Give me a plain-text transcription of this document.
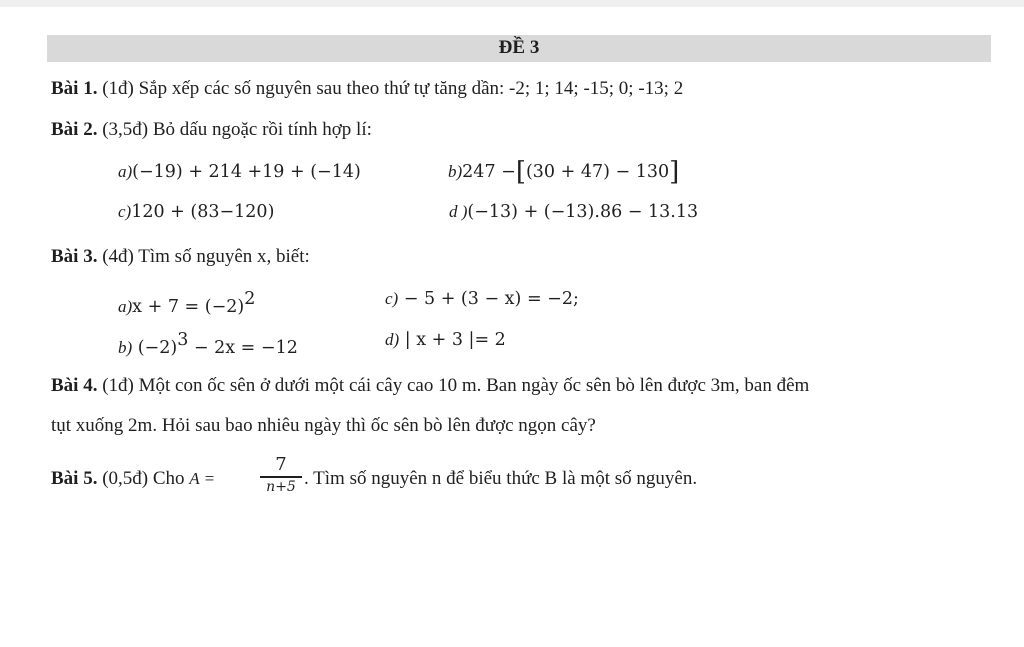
ĐỀ 3
Bài 1. (1đ) Sắp xếp các số nguyên sau theo thứ tự tăng dần: -2; 1; 14; -15; 0; -13; 2
Bài 2. (3,5đ) Bỏ dấu ngoặc rồi tính hợp lí:
a)(−19) + 214 +19 + (−14)	b)247 −[(30 + 47) − 130]
c)120 + (83−120)	d )(−13) + (−13).86 − 13.13
Bài 3. (4đ) Tìm số nguyên x, biết:
$a)x + 7 = (-2)^2$	c) − 5 + (3 − x) = −2;
b) $(-2)^3 - 2x = -12$	d) | x + 3 |= 2
Bài 4. (1đ) Một con ốc sên ở dưới một cái cây cao 10 m. Ban ngày ốc sên bò lên được 3m, ban đêm
tụt xuống 2m. Hỏi sau bao nhiêu ngày thì ốc sên bò lên được ngọn cây?
Bài 5. (0,5đ) Cho A =
7
n+5 . Tìm số nguyên n để biểu thức B là một số nguyên.
